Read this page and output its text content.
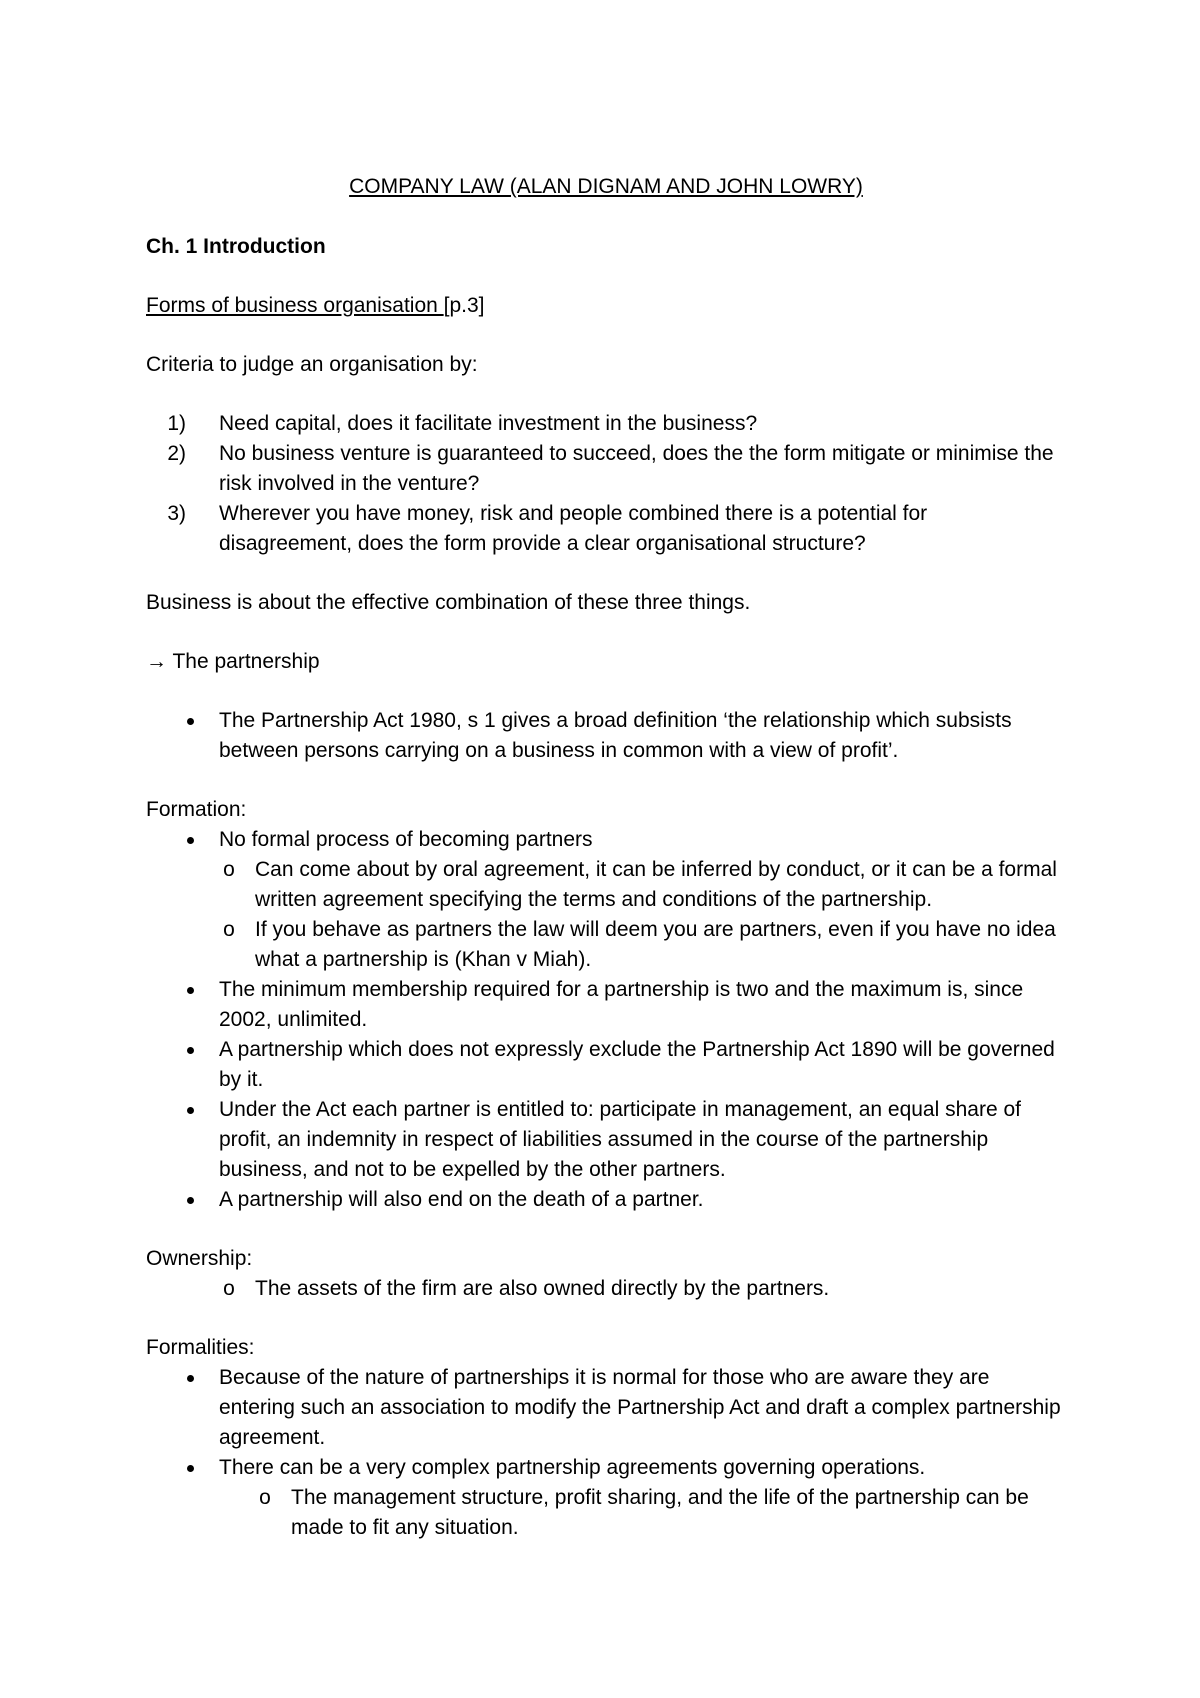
COMPANY LAW (ALAN DIGNAM AND JOHN LOWRY)
Ch. 1 Introduction
Forms of business organisation [p.3]

Criteria to judge an organisation by:

1) Need capital, does it facilitate investment in the business?
2) No business venture is guaranteed to succeed, does the the form mitigate or minimise the risk involved in the venture?
3) Wherever you have money, risk and people combined there is a potential for disagreement, does the form provide a clear organisational structure?

Business is about the effective combination of these three things.

→ The partnership

The Partnership Act 1980, s 1 gives a broad definition ‘the relationship which subsists between persons carrying on a business in common with a view of profit’.

Formation:

No formal process of becoming partners
o Can come about by oral agreement, it can be inferred by conduct, or it can be a formal written agreement specifying the terms and conditions of the partnership.
o If you behave as partners the law will deem you are partners, even if you have no idea what a partnership is (Khan v Miah).
The minimum membership required for a partnership is two and the maximum is, since 2002, unlimited.
A partnership which does not expressly exclude the Partnership Act 1890 will be governed by it.
Under the Act each partner is entitled to: participate in management, an equal share of profit, an indemnity in respect of liabilities assumed in the course of the partnership business, and not to be expelled by the other partners.
A partnership will also end on the death of a partner.

Ownership:

o The assets of the firm are also owned directly by the partners.

Formalities:

Because of the nature of partnerships it is normal for those who are aware they are entering such an association to modify the Partnership Act and draft a complex partnership agreement.
There can be a very complex partnership agreements governing operations.
o The management structure, profit sharing, and the life of the partnership can be made to fit any situation.
